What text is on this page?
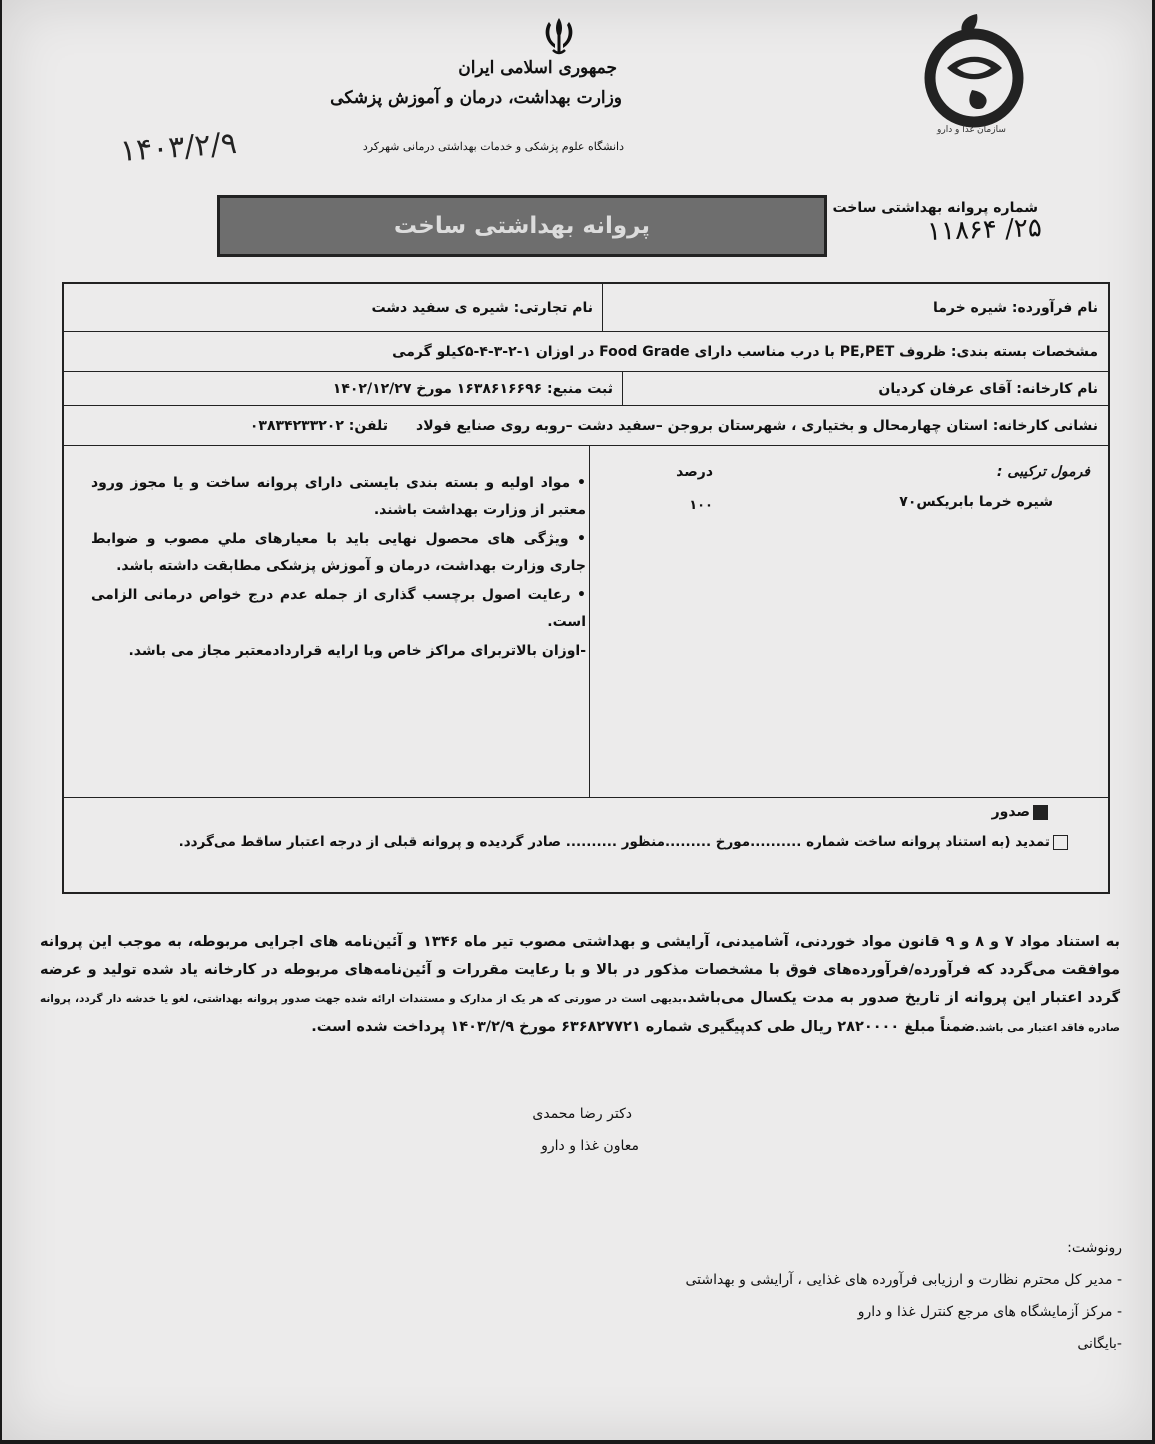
جمهوری اسلامی ایران
وزارت بهداشت، درمان و آموزش پزشکی
دانشگاه علوم پزشکی و خدمات بهداشتی درمانی شهرکرد
سازمان غذا و دارو
۱۴۰۳/۲/۹
شماره پروانه بهداشتی ساخت
۲۵/ ۱۱۸۶۴
پروانه بهداشتی ساخت
نام فرآورده: شیره خرما
نام تجارتی: شیره ی سفید دشت
مشخصات بسته بندی: ظروف PE,PET با درب مناسب دارای Food Grade در اوزان ۱-۲-۳-۴-۵کیلو گرمی
نام کارخانه: آقای عرفان کردیان
ثبت منبع: ۱۶۳۸۶۱۶۶۹۶ مورخ ۱۴۰۲/۱۲/۲۷
نشانی کارخانه: استان چهارمحال و بختیاری ، شهرستان بروجن –سفید دشت –روبه روی صنایع فولاد
تلفن: ۰۳۸۳۴۲۳۳۲۰۲
فرمول ترکیبی :
درصد
شیره خرما بابریکس۷۰
۱۰۰

• مواد اولیه و بسته بندی بایستی دارای پروانه ساخت و یا مجوز ورود معتبر از وزارت بهداشت باشند.

• ویژگی های محصول نهایی باید با معیارهای ملي مصوب و ضوابط جاری وزارت بهداشت، درمان و آموزش پزشکی مطابقت داشته باشد.

• رعایت اصول برچسب گذاری از جمله عدم درج خواص درمانی الزامی است.

-اوزان بالاتربرای مراکز خاص وبا ارایه قراردادمعتبر مجاز می باشد.

صدور
تمدید (به استناد پروانه ساخت شماره ..........مورخ .........منظور .......... صادر گردیده و پروانه قبلی از درجه اعتبار ساقط می‌گردد.
به استناد مواد ۷ و ۸ و ۹ قانون مواد خوردنی، آشامیدنی، آرایشی و بهداشتی مصوب تیر ماه ۱۳۴۶ و آئین‌نامه های اجرایی مربوطه، به موجب این پروانه موافقت می‌گردد که فرآورده/فرآورده‌های فوق با مشخصات مذکور در بالا و با رعایت مقررات و آئین‌نامه‌های مربوطه در کارخانه یاد شده تولید و عرضه گردد اعتبار این پروانه از تاریخ صدور به مدت یکسال می‌باشد.بدیهی است در صورتی که هر یک از مدارک و مستندات ارائه شده جهت صدور پروانه بهداشتی، لغو یا خدشه دار گردد، پروانه صادره فاقد اعتبار می باشد.ضمناً مبلغ ۲۸۲۰۰۰۰ ریال طی کدپیگیری شماره ۶۳۶۸۲۷۷۲۱ مورخ ۱۴۰۳/۲/۹ پرداخت شده است.
دکتر رضا محمدی
معاون غذا و دارو
رونوشت:
- مدیر کل محترم نظارت و ارزیابی فرآورده های غذایی ، آرایشی و بهداشتی
- مرکز آزمایشگاه های مرجع کنترل غذا و دارو
-بایگانی
